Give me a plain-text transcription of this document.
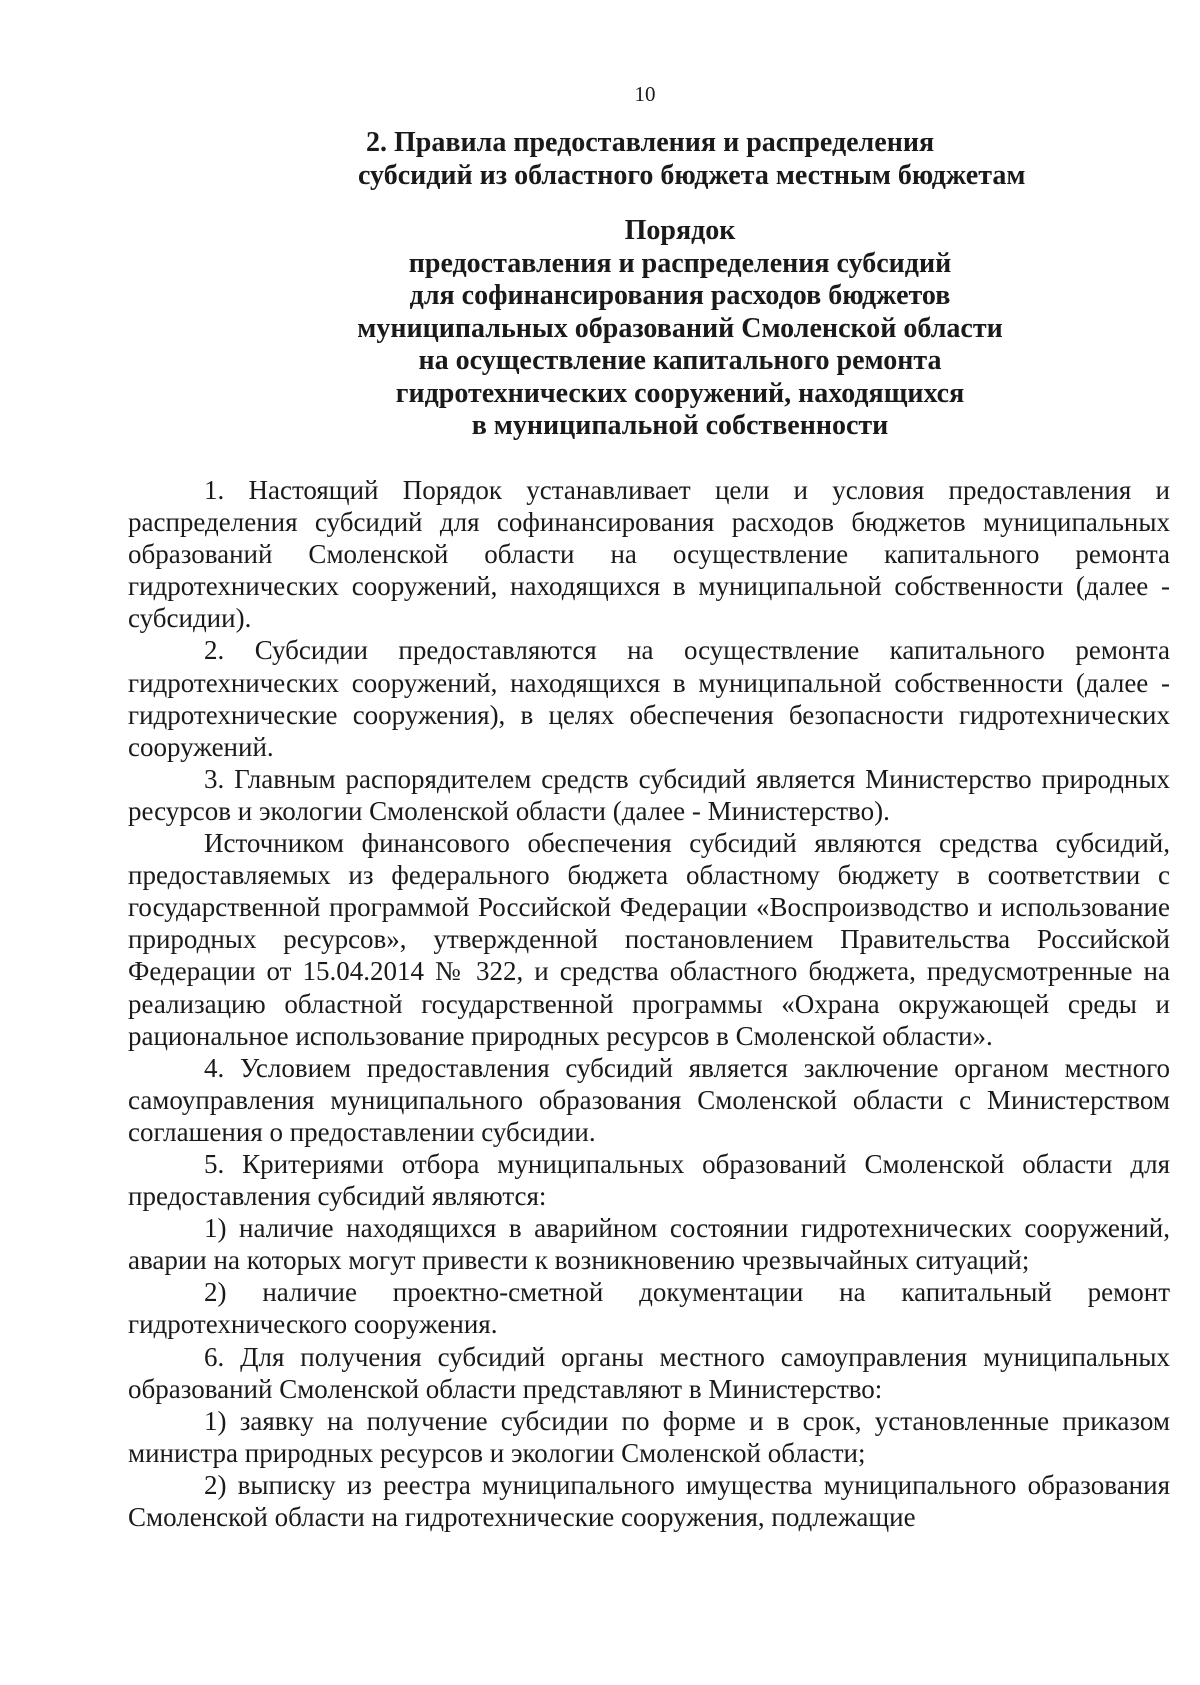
10
2. Правила предоставления и распределения
субсидий из областного бюджета местным бюджетам
Порядок
предоставления и распределения субсидий
для софинансирования расходов бюджетов
муниципальных образований Смоленской области
на осуществление капитального ремонта
гидротехнических сооружений, находящихся
в муниципальной собственности

1. Настоящий Порядок устанавливает цели и условия предоставления и распределения субсидий для софинансирования расходов бюджетов муниципальных образований Смоленской области на осуществление капитального ремонта гидротехнических сооружений, находящихся в муниципальной собственности (далее - субсидии).

2. Субсидии предоставляются на осуществление капитального ремонта гидротехнических сооружений, находящихся в муниципальной собственности (далее - гидротехнические сооружения), в целях обеспечения безопасности гидротехнических сооружений.

3. Главным распорядителем средств субсидий является Министерство природных ресурсов и экологии Смоленской области (далее - Министерство).

Источником финансового обеспечения субсидий являются средства субсидий, предоставляемых из федерального бюджета областному бюджету в соответствии с государственной программой Российской Федерации «Воспроизводство и использование природных ресурсов», утвержденной постановлением Правительства Российской Федерации от 15.04.2014 № 322, и средства областного бюджета, предусмотренные на реализацию областной государственной программы «Охрана окружающей среды и рациональное использование природных ресурсов в Смоленской области».

4. Условием предоставления субсидий является заключение органом местного самоуправления муниципального образования Смоленской области с Министерством соглашения о предоставлении субсидии.

5. Критериями отбора муниципальных образований Смоленской области для предоставления субсидий являются:

1) наличие находящихся в аварийном состоянии гидротехнических сооружений, аварии на которых могут привести к возникновению чрезвычайных ситуаций;

2) наличие проектно-сметной документации на капитальный ремонт гидротехнического сооружения.

6. Для получения субсидий органы местного самоуправления муниципальных образований Смоленской области представляют в Министерство:

1) заявку на получение субсидии по форме и в срок, установленные приказом министра природных ресурсов и экологии Смоленской области;

2) выписку из реестра муниципального имущества муниципального образования Смоленской области на гидротехнические сооружения, подлежащие
